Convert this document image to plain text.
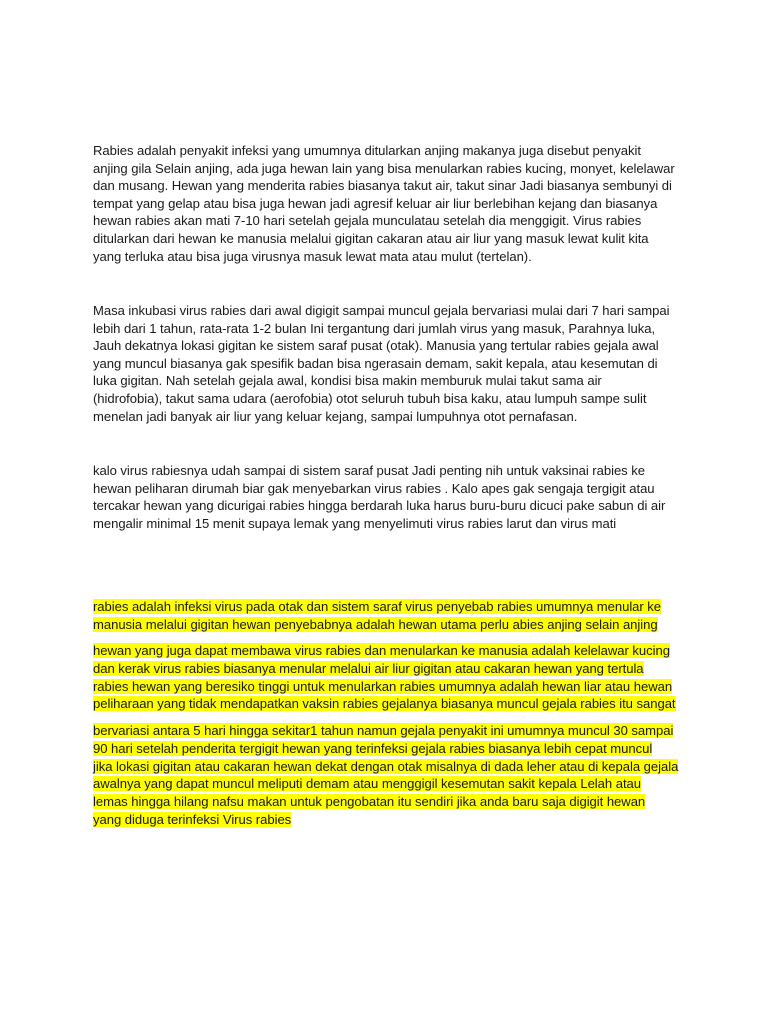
Rabies adalah penyakit infeksi yang umumnya ditularkan anjing makanya juga disebut penyakit
anjing gila Selain anjing, ada juga hewan lain yang bisa menularkan rabies kucing, monyet, kelelawar
dan musang. Hewan yang menderita rabies biasanya takut air, takut sinar Jadi biasanya sembunyi di
tempat yang gelap atau bisa juga hewan jadi agresif keluar air liur berlebihan kejang dan biasanya
hewan rabies akan mati 7-10 hari setelah gejala munculatau setelah dia menggigit. Virus rabies
ditularkan dari hewan ke manusia melalui gigitan cakaran atau air liur yang masuk lewat kulit kita
yang terluka atau bisa juga virusnya masuk lewat mata atau mulut (tertelan).

Masa inkubasi virus rabies dari awal digigit sampai muncul gejala bervariasi mulai dari 7 hari sampai
lebih dari 1 tahun, rata-rata 1-2 bulan Ini tergantung dari jumlah virus yang masuk, Parahnya luka,
Jauh dekatnya lokasi gigitan ke sistem saraf pusat (otak). Manusia yang tertular rabies gejala awal
yang muncul biasanya gak spesifik badan bisa ngerasain demam, sakit kepala, atau kesemutan di
luka gigitan. Nah setelah gejala awal, kondisi bisa makin memburuk mulai takut sama air
(hidrofobia), takut sama udara (aerofobia) otot seluruh tubuh bisa kaku, atau lumpuh sampe sulit
menelan jadi banyak air liur yang keluar kejang, sampai lumpuhnya otot pernafasan.

kalo virus rabiesnya udah sampai di sistem saraf pusat Jadi penting nih untuk vaksinai rabies ke
hewan peliharan dirumah biar gak menyebarkan virus rabies . Kalo apes gak sengaja tergigit atau
tercakar hewan yang dicurigai rabies hingga berdarah luka harus buru-buru dicuci pake sabun di air
mengalir minimal 15 menit supaya lemak yang menyelimuti virus rabies larut dan virus mati

rabies adalah infeksi virus pada otak dan sistem saraf virus penyebab rabies umumnya menular ke
manusia melalui gigitan hewan penyebabnya adalah hewan utama perlu abies anjing selain anjing

hewan yang juga dapat membawa virus rabies dan menularkan ke manusia adalah kelelawar kucing
dan kerak virus rabies biasanya menular melalui air liur gigitan atau cakaran hewan yang tertula
rabies hewan yang beresiko tinggi untuk menularkan rabies umumnya adalah hewan liar atau hewan
peliharaan yang tidak mendapatkan vaksin rabies gejalanya biasanya muncul gejala rabies itu sangat

bervariasi antara 5 hari hingga sekitar1 tahun namun gejala penyakit ini umumnya muncul 30 sampai
90 hari setelah penderita tergigit hewan yang terinfeksi gejala rabies biasanya lebih cepat muncul
jika lokasi gigitan atau cakaran hewan dekat dengan otak misalnya di dada leher atau di kepala gejala
awalnya yang dapat muncul meliputi demam atau menggigil kesemutan sakit kepala Lelah atau
lemas hingga hilang nafsu makan untuk pengobatan itu sendiri jika anda baru saja digigit hewan
yang diduga terinfeksi Virus rabies
